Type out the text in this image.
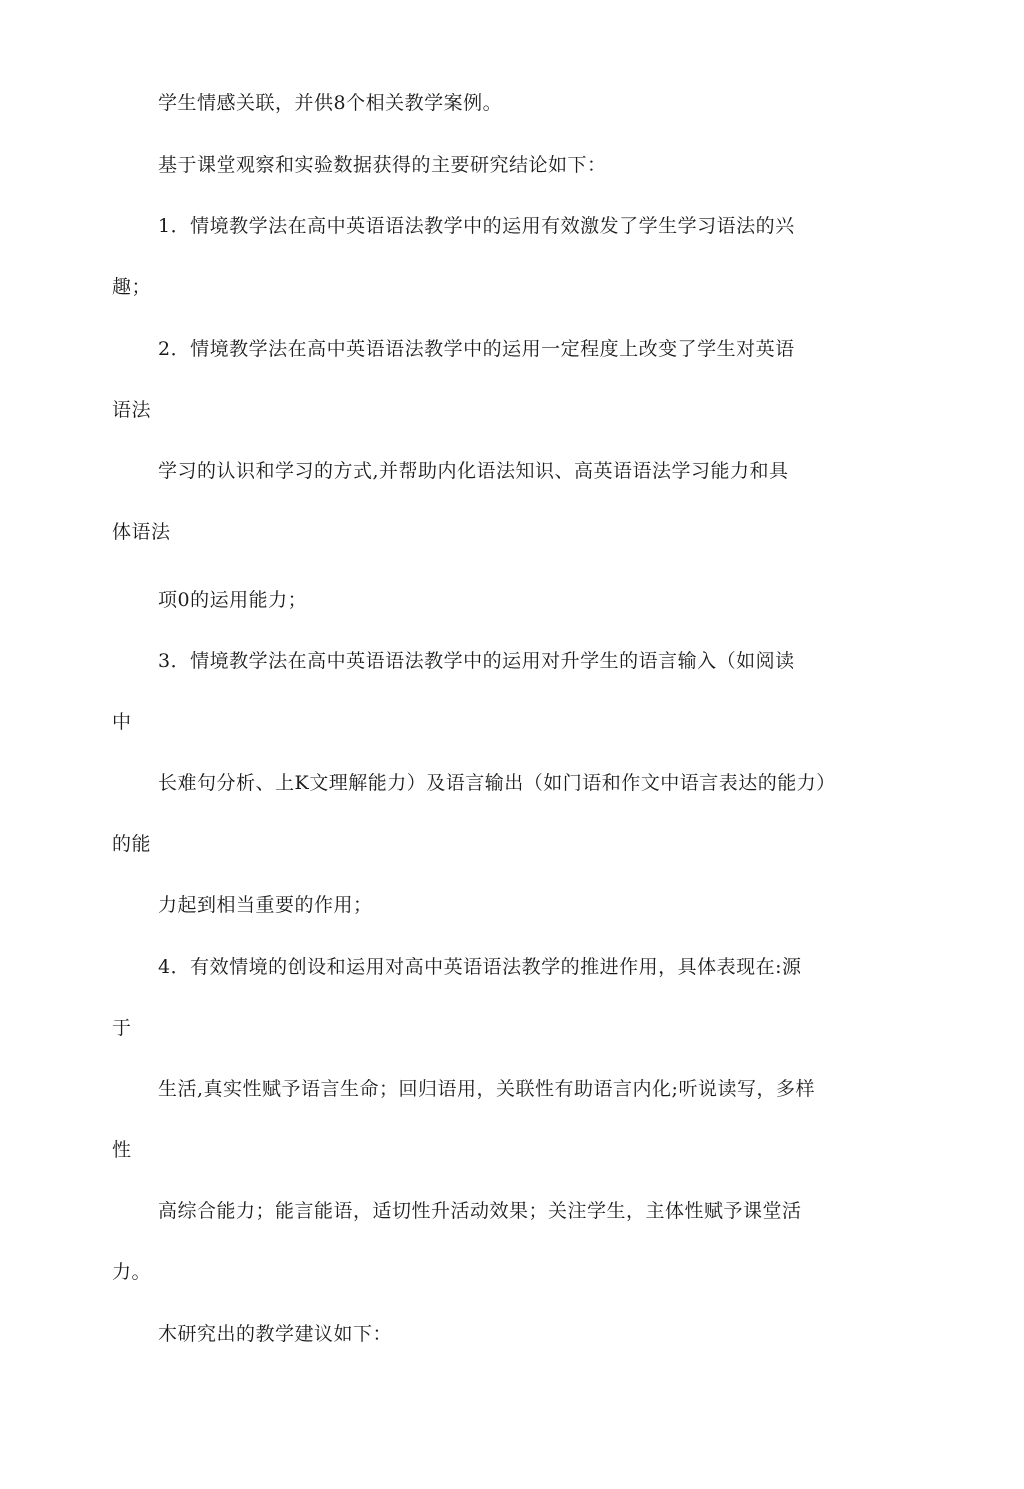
学生情感关联，并供8个相关教学案例。
基于课堂观察和实验数据获得的主要研究结论如下：
1．情境教学法在高中英语语法教学中的运用有效激发了学生学习语法的兴
趣；
2．情境教学法在高中英语语法教学中的运用一定程度上改变了学生对英语
语法
学习的认识和学习的方式,并帮助内化语法知识、高英语语法学习能力和具
体语法
项0的运用能力；
3．情境教学法在高中英语语法教学中的运用对升学生的语言输入（如阅读
中
长难句分析、上K文理解能力）及语言输出（如门语和作文中语言表达的能力）
的能
力起到相当重要的作用；
4．有效情境的创设和运用对高中英语语法教学的推进作用，具体表现在:源
于
生活,真实性赋予语言生命；回归语用，关联性有助语言内化;听说读写，多样
性
高综合能力；能言能语，适切性升活动效果；关注学生，主体性赋予课堂活
力。
木研究出的教学建议如下：
